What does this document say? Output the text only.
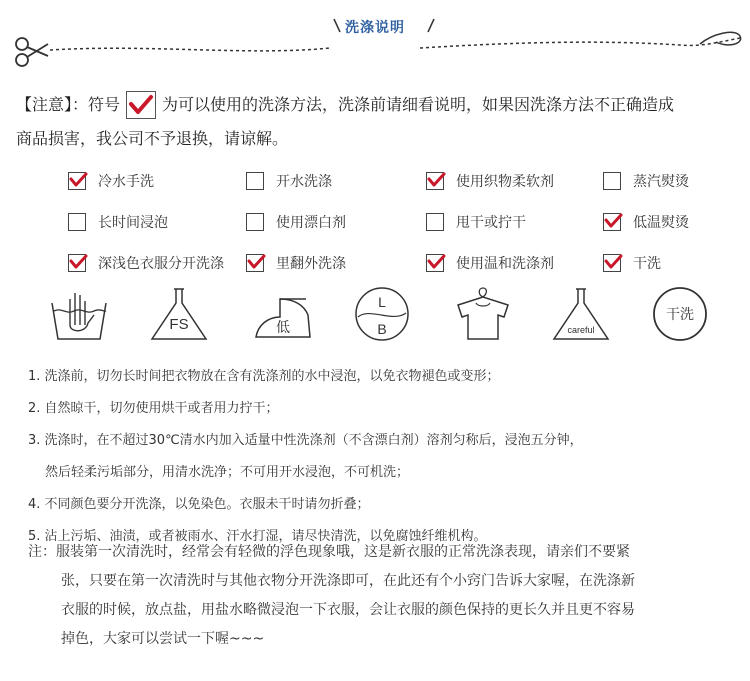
洗涤说明
【注意】：符号	为可以使用的洗涤方法，洗涤前请细看说明，如果因洗涤方法不正确造成
商品损害，我公司不予退换，请谅解。
冷水手洗	开水洗涤	使用织物柔软剂	蒸汽熨烫
长时间浸泡	使用漂白剂	甩干或拧干	低温熨烫
深浅色衣服分开洗涤	里翻外洗涤	使用温和洗涤剂	干洗
FS	低
L
B	careful
干洗

1. 洗涤前，切勿长时间把衣物放在含有洗涤剂的水中浸泡，以免衣物褪色或变形；

2. 自然晾干，切勿使用烘干或者用力拧干；

3. 洗涤时，在不超过30℃清水内加入适量中性洗涤剂（不含漂白剂）溶剂匀称后，浸泡五分钟，

然后轻柔污垢部分，用清水洗净；不可用开水浸泡，不可机洗；

4. 不同颜色要分开洗涤，以免染色。衣服未干时请勿折叠；

5. 沾上污垢、油渍，或者被雨水、汗水打湿，请尽快清洗，以免腐蚀纤维机构。

注：服装第一次清洗时，经常会有轻微的浮色现象哦，这是新衣服的正常洗涤表现，请亲们不要紧

张，只要在第一次清洗时与其他衣物分开洗涤即可，在此还有个小窍门告诉大家喔，在洗涤新

衣服的时候，放点盐，用盐水略微浸泡一下衣服，会让衣服的颜色保持的更长久并且更不容易

掉色，大家可以尝试一下喔~~~
